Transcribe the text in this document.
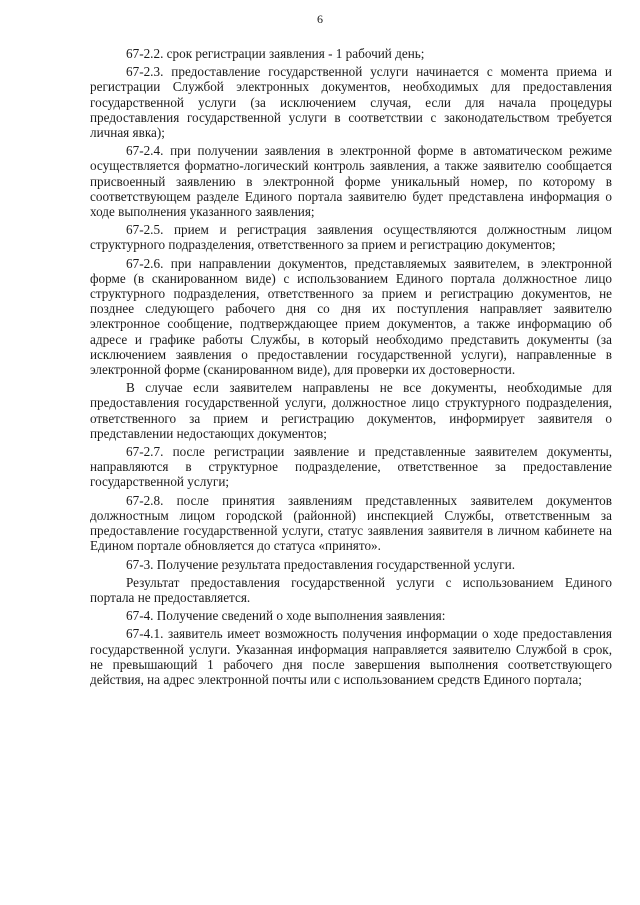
6

67-2.2. срок регистрации заявления - 1 рабочий день;

67-2.3. предоставление государственной услуги начинается с момента приема и регистрации Службой электронных документов, необходимых для предоставления государственной услуги (за исключением случая, если для начала процедуры предоставления государственной услуги в соответствии с законодательством требуется личная явка);

67-2.4. при получении заявления в электронной форме в автоматическом режиме осуществляется форматно-логический контроль заявления, а также заявителю сообщается присвоенный заявлению в электронной форме уникальный номер, по которому в соответствующем разделе Единого портала заявителю будет представлена информация о ходе выполнения указанного заявления;

67-2.5. прием и регистрация заявления осуществляются должностным лицом структурного подразделения, ответственного за прием и регистрацию документов;

67-2.6. при направлении документов, представляемых заявителем, в электронной форме (в сканированном виде) с использованием Единого портала должностное лицо структурного подразделения, ответственного за прием и регистрацию документов, не позднее следующего рабочего дня со дня их поступления направляет заявителю электронное сообщение, подтверждающее прием документов, а также информацию об адресе и графике работы Службы, в который необходимо представить документы (за исключением заявления о предоставлении государственной услуги), направленные в электронной форме (сканированном виде), для проверки их достоверности.

В случае если заявителем направлены не все документы, необходимые для предоставления государственной услуги, должностное лицо структурного подразделения, ответственного за прием и регистрацию документов, информирует заявителя о представлении недостающих документов;

67-2.7. после регистрации заявление и представленные заявителем документы, направляются в структурное подразделение, ответственное за предоставление государственной услуги;

67-2.8. после принятия заявлениям представленных заявителем документов должностным лицом городской (районной) инспекцией Службы, ответственным за предоставление государственной услуги, статус заявления заявителя в личном кабинете на Едином портале обновляется до статуса «принято».

67-3. Получение результата предоставления государственной услуги.

Результат предоставления государственной услуги с использованием Единого портала не предоставляется.

67-4. Получение сведений о ходе выполнения заявления:

67-4.1. заявитель имеет возможность получения информации о ходе предоставления государственной услуги. Указанная информация направляется заявителю Службой в срок, не превышающий 1 рабочего дня после завершения выполнения соответствующего действия, на адрес электронной почты или с использованием средств Единого портала;
